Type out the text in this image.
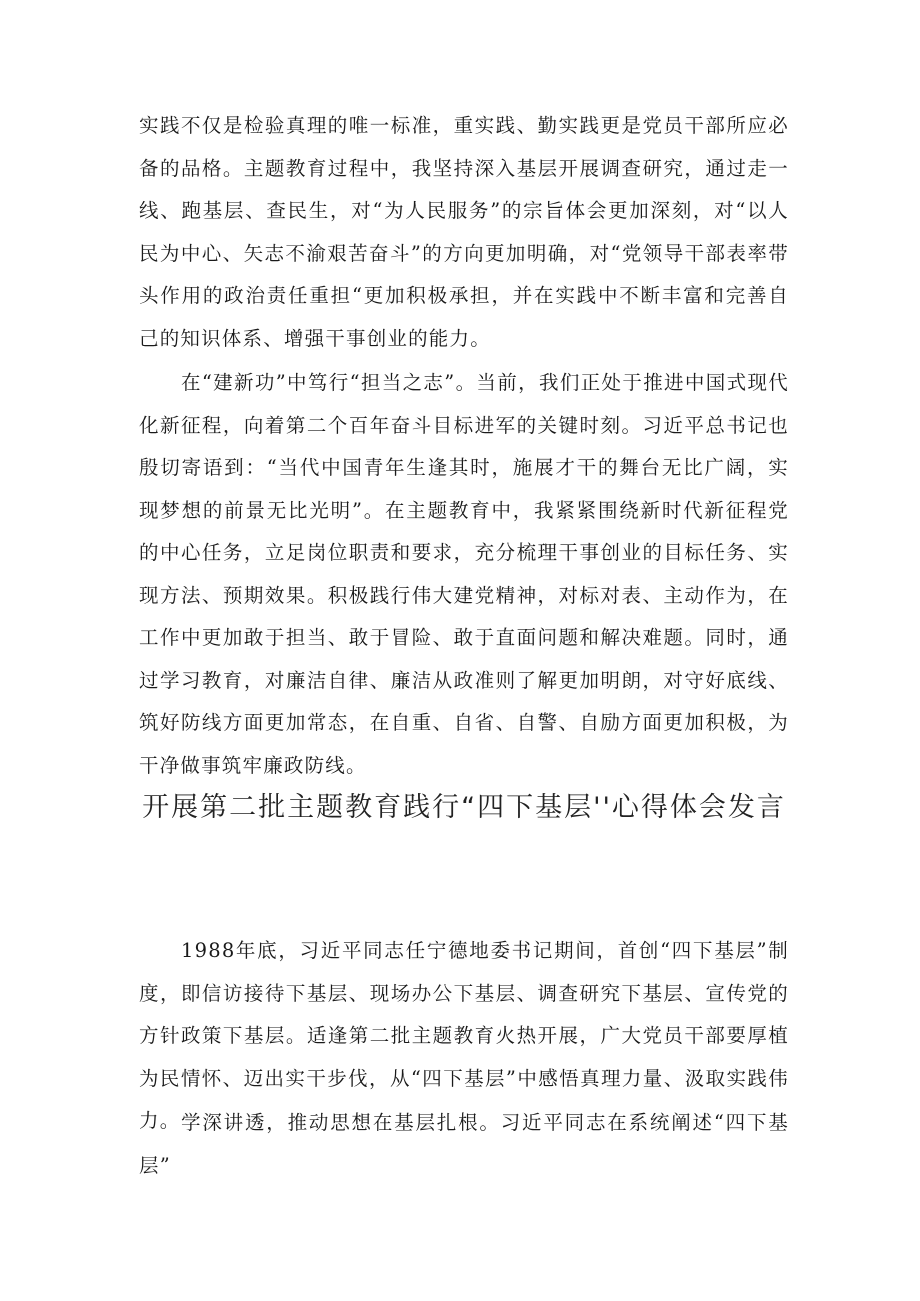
实践不仅是检验真理的唯一标准，重实践、勤实践更是党员干部所应必备的品格。主题教育过程中，我坚持深入基层开展调查研究，通过走一线、跑基层、查民生，对“为人民服务”的宗旨体会更加深刻，对“以人民为中心、矢志不渝艰苦奋斗”的方向更加明确，对“党领导干部表率带头作用的政治责任重担“更加积极承担，并在实践中不断丰富和完善自己的知识体系、增强干事创业的能力。

在“建新功”中笃行“担当之志”。当前，我们正处于推进中国式现代化新征程，向着第二个百年奋斗目标进军的关键时刻。习近平总书记也殷切寄语到：“当代中国青年生逢其时，施展才干的舞台无比广阔，实现梦想的前景无比光明”。在主题教育中，我紧紧围绕新时代新征程党的中心任务，立足岗位职责和要求，充分梳理干事创业的目标任务、实现方法、预期效果。积极践行伟大建党精神，对标对表、主动作为，在工作中更加敢于担当、敢于冒险、敢于直面问题和解决难题。同时，通过学习教育，对廉洁自律、廉洁从政准则了解更加明朗，对守好底线、筑好防线方面更加常态，在自重、自省、自警、自励方面更加积极，为干净做事筑牢廉政防线。

开展第二批主题教育践行“四下基层''心得体会发言

1988年底，习近平同志任宁德地委书记期间，首创“四下基层”制度，即信访接待下基层、现场办公下基层、调查研究下基层、宣传党的方针政策下基层。适逢第二批主题教育火热开展，广大党员干部要厚植为民情怀、迈出实干步伐，从“四下基层”中感悟真理力量、汲取实践伟力。 学深讲透，推动思想在基层扎根。习近平同志在系统阐述“四下基层”
